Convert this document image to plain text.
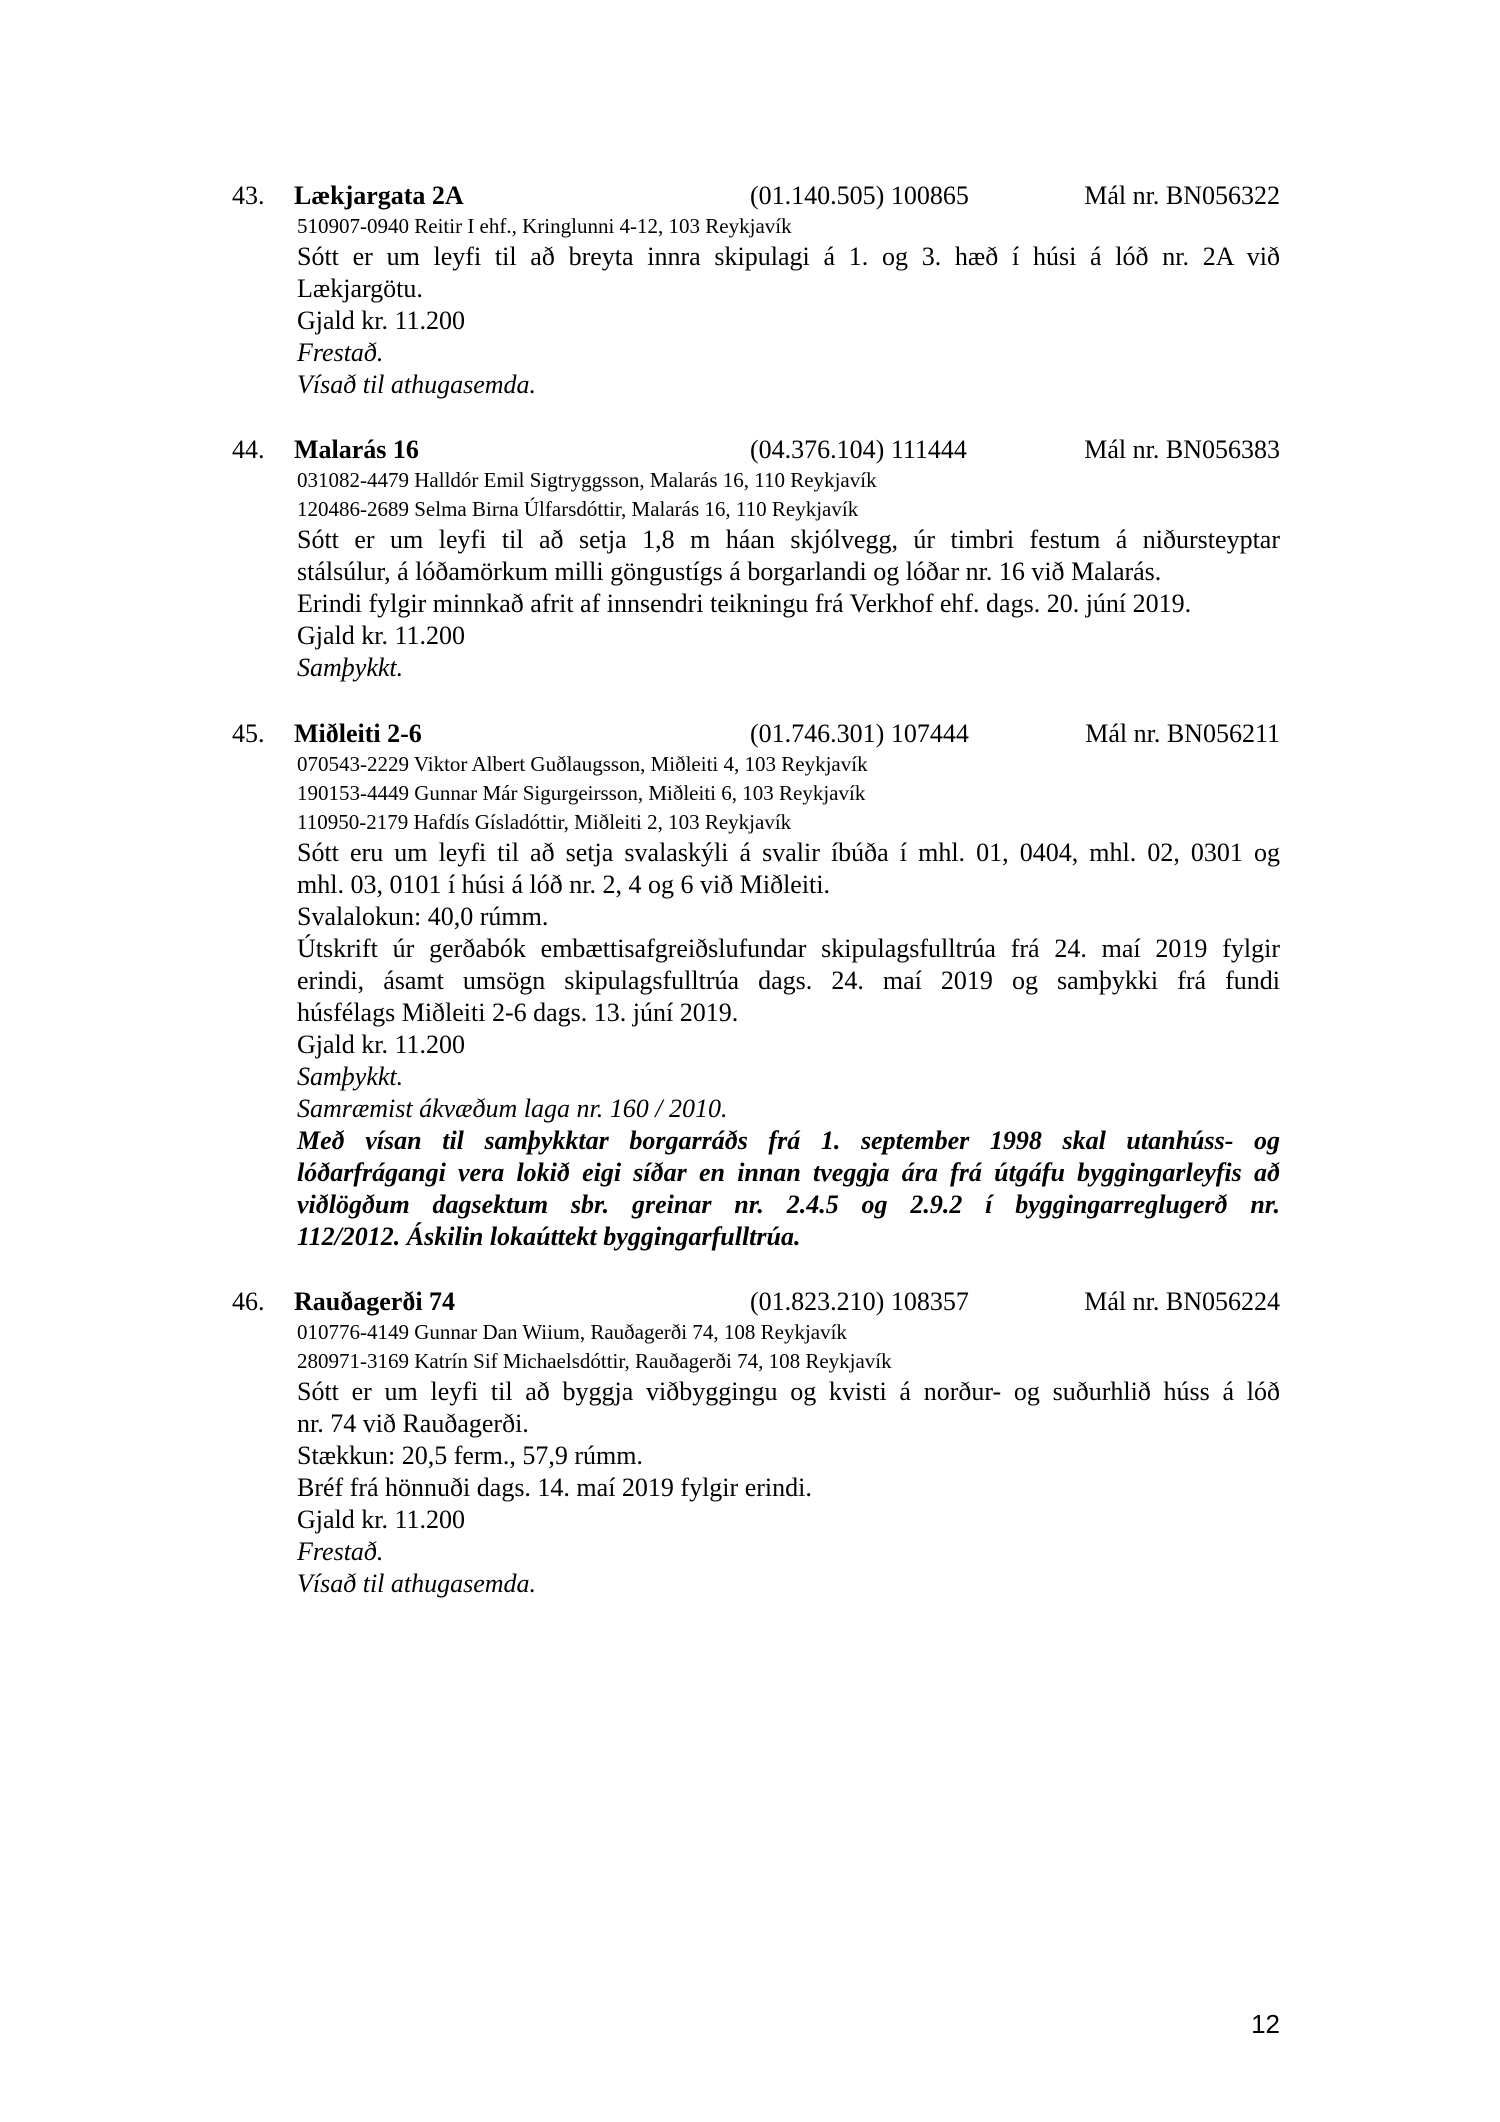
43. Lækjargata 2A	(01.140.505) 100865	Mál nr. BN056322
510907-0940 Reitir I ehf., Kringlunni 4-12, 103 Reykjavík
Sótt er um leyfi til að breyta innra skipulagi á 1. og 3. hæð í húsi á lóð nr. 2A við
Lækjargötu.
Gjald kr. 11.200
Frestað.
Vísað til athugasemda.
44. Malarás 16	(04.376.104) 111444	Mál nr. BN056383
031082-4479 Halldór Emil Sigtryggsson, Malarás 16, 110 Reykjavík
120486-2689 Selma Birna Úlfarsdóttir, Malarás 16, 110 Reykjavík
Sótt er um leyfi til að setja 1,8 m háan skjólvegg, úr timbri festum á niðursteyptar
stálsúlur, á lóðamörkum milli göngustígs á borgarlandi og lóðar nr. 16 við Malarás.
Erindi fylgir minnkað afrit af innsendri teikningu frá Verkhof ehf. dags. 20. júní 2019.
Gjald kr. 11.200
Samþykkt.
45. Miðleiti 2-6	(01.746.301) 107444	Mál nr. BN056211
070543-2229 Viktor Albert Guðlaugsson, Miðleiti 4, 103 Reykjavík
190153-4449 Gunnar Már Sigurgeirsson, Miðleiti 6, 103 Reykjavík
110950-2179 Hafdís Gísladóttir, Miðleiti 2, 103 Reykjavík
Sótt eru um leyfi til að setja svalaskýli á svalir íbúða í mhl. 01, 0404, mhl. 02, 0301 og
mhl. 03, 0101 í húsi á lóð nr. 2, 4 og 6 við Miðleiti.
Svalalokun: 40,0 rúmm.
Útskrift úr gerðabók embættisafgreiðslufundar skipulagsfulltrúa frá 24. maí 2019 fylgir
erindi, ásamt umsögn skipulagsfulltrúa dags. 24. maí 2019 og samþykki frá fundi
húsfélags Miðleiti 2-6 dags. 13. júní 2019.
Gjald kr. 11.200
Samþykkt.
Samræmist ákvæðum laga nr. 160 / 2010.
Með vísan til samþykktar borgarráðs frá 1. september 1998 skal utanhúss- og
lóðarfrágangi vera lokið eigi síðar en innan tveggja ára frá útgáfu byggingarleyfis að
viðlögðum dagsektum sbr. greinar nr. 2.4.5 og 2.9.2 í byggingarreglugerð nr.
112/2012. Áskilin lokaúttekt byggingarfulltrúa.
46. Rauðagerði 74	(01.823.210) 108357	Mál nr. BN056224
010776-4149 Gunnar Dan Wiium, Rauðagerði 74, 108 Reykjavík
280971-3169 Katrín Sif Michaelsdóttir, Rauðagerði 74, 108 Reykjavík
Sótt er um leyfi til að byggja viðbyggingu og kvisti á norður- og suðurhlið húss á lóð
nr. 74 við Rauðagerði.
Stækkun: 20,5 ferm., 57,9 rúmm.
Bréf frá hönnuði dags. 14. maí 2019 fylgir erindi.
Gjald kr. 11.200
Frestað.
Vísað til athugasemda.
12
